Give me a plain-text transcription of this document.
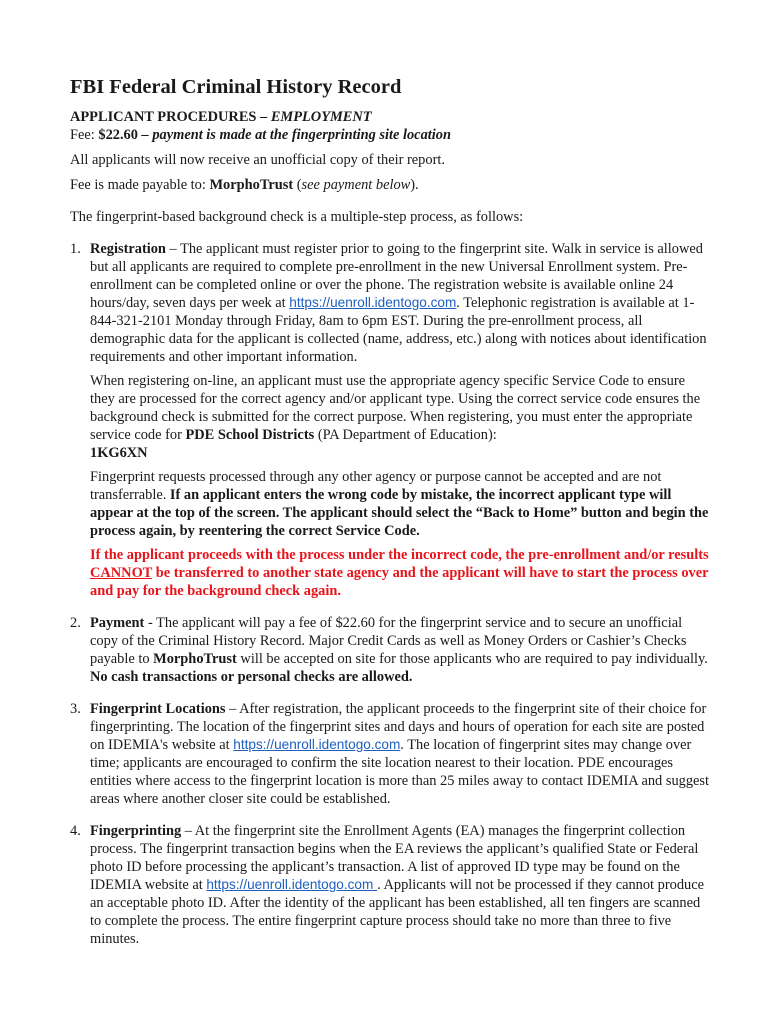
FBI Federal Criminal History Record

APPLICANT PROCEDURES – EMPLOYMENT

Fee: $22.60 – payment is made at the fingerprinting site location

All applicants will now receive an unofficial copy of their report.

Fee is made payable to: MorphoTrust (see payment below).

The fingerprint-based background check is a multiple-step process, as follows:

1. Registration – The applicant must register prior to going to the fingerprint site. Walk in service is allowed but all applicants are required to complete pre-enrollment in the new Universal Enrollment system. Pre-enrollment can be completed online or over the phone. The registration website is available online 24 hours/day, seven days per week at https://uenroll.identogo.com. Telephonic registration is available at 1-844-321-2101 Monday through Friday, 8am to 6pm EST. During the pre-enrollment process, all demographic data for the applicant is collected (name, address, etc.) along with notices about identification requirements and other important information.

When registering on-line, an applicant must use the appropriate agency specific Service Code to ensure they are processed for the correct agency and/or applicant type. Using the correct service code ensures the background check is submitted for the correct purpose. When registering, you must enter the appropriate service code for PDE School Districts (PA Department of Education):
1KG6XN

Fingerprint requests processed through any other agency or purpose cannot be accepted and are not transferrable. If an applicant enters the wrong code by mistake, the incorrect applicant type will appear at the top of the screen. The applicant should select the “Back to Home” button and begin the process again, by reentering the correct Service Code.

If the applicant proceeds with the process under the incorrect code, the pre-enrollment and/or results CANNOT be transferred to another state agency and the applicant will have to start the process over and pay for the background check again.

2. Payment - The applicant will pay a fee of $22.60 for the fingerprint service and to secure an unofficial copy of the Criminal History Record. Major Credit Cards as well as Money Orders or Cashier’s Checks payable to MorphoTrust will be accepted on site for those applicants who are required to pay individually. No cash transactions or personal checks are allowed.

3. Fingerprint Locations – After registration, the applicant proceeds to the fingerprint site of their choice for fingerprinting. The location of the fingerprint sites and days and hours of operation for each site are posted on IDEMIA's website at https://uenroll.identogo.com. The location of fingerprint sites may change over time; applicants are encouraged to confirm the site location nearest to their location. PDE encourages entities where access to the fingerprint location is more than 25 miles away to contact IDEMIA and suggest areas where another closer site could be established.

4. Fingerprinting – At the fingerprint site the Enrollment Agents (EA) manages the fingerprint collection process. The fingerprint transaction begins when the EA reviews the applicant’s qualified State or Federal photo ID before processing the applicant’s transaction. A list of approved ID type may be found on the IDEMIA website at https://uenroll.identogo.com . Applicants will not be processed if they cannot produce an acceptable photo ID. After the identity of the applicant has been established, all ten fingers are scanned to complete the process. The entire fingerprint capture process should take no more than three to five minutes.
